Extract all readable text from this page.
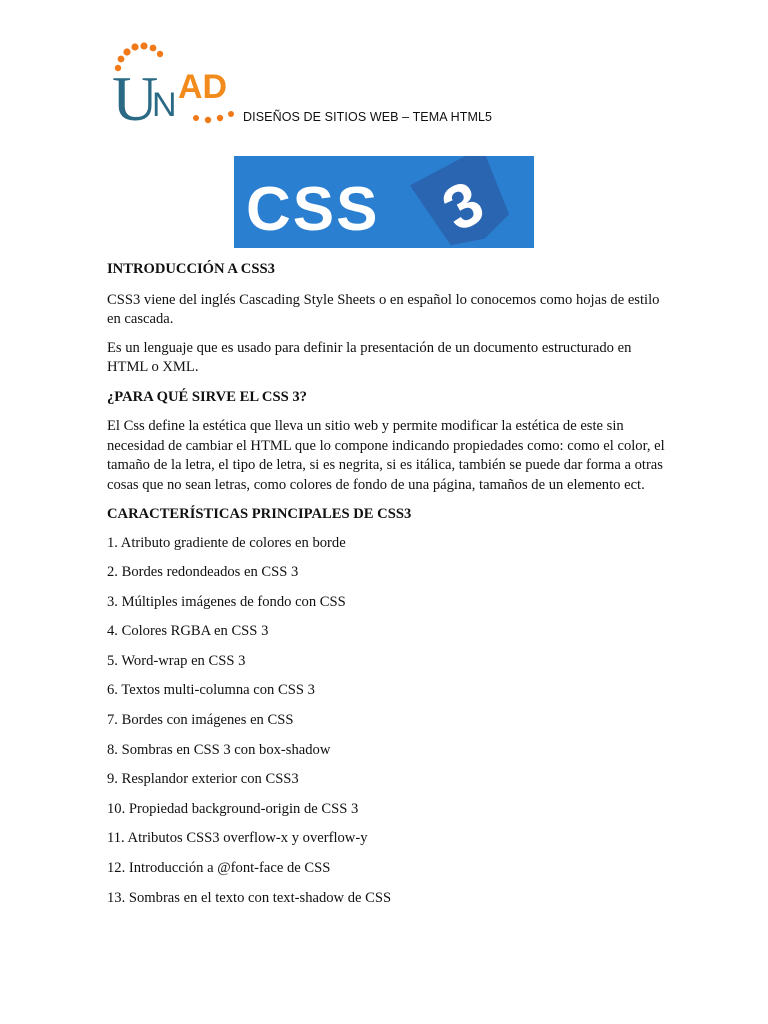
U
N AD
DISEÑOS DE SITIOS WEB – TEMA HTML5
CSS 3
INTRODUCCIÓN A CSS3

CSS3 viene del inglés Cascading Style Sheets o en español lo conocemos como hojas de estilo en cascada.

Es un lenguaje que es usado para definir la presentación de un documento estructurado en HTML o XML.

¿PARA QUÉ SIRVE EL CSS 3?

El Css define la estética que lleva un sitio web y permite modificar la estética de este sin necesidad de cambiar el HTML que lo compone indicando propiedades como: como el color, el tamaño de la letra, el tipo de letra, si es negrita, si es itálica, también se puede dar forma a otras cosas que no sean letras, como colores de fondo de una página, tamaños de un elemento ect.

CARACTERÍSTICAS PRINCIPALES DE CSS3
1. Atributo gradiente de colores en borde
2. Bordes redondeados en CSS 3
3. Múltiples imágenes de fondo con CSS
4. Colores RGBA en CSS 3
5. Word-wrap en CSS 3
6. Textos multi-columna con CSS 3
7. Bordes con imágenes en CSS
8. Sombras en CSS 3 con box-shadow
9. Resplandor exterior con CSS3
10. Propiedad background-origin de CSS 3
11. Atributos CSS3 overflow-x y overflow-y
12. Introducción a @font-face de CSS
13. Sombras en el texto con text-shadow de CSS
